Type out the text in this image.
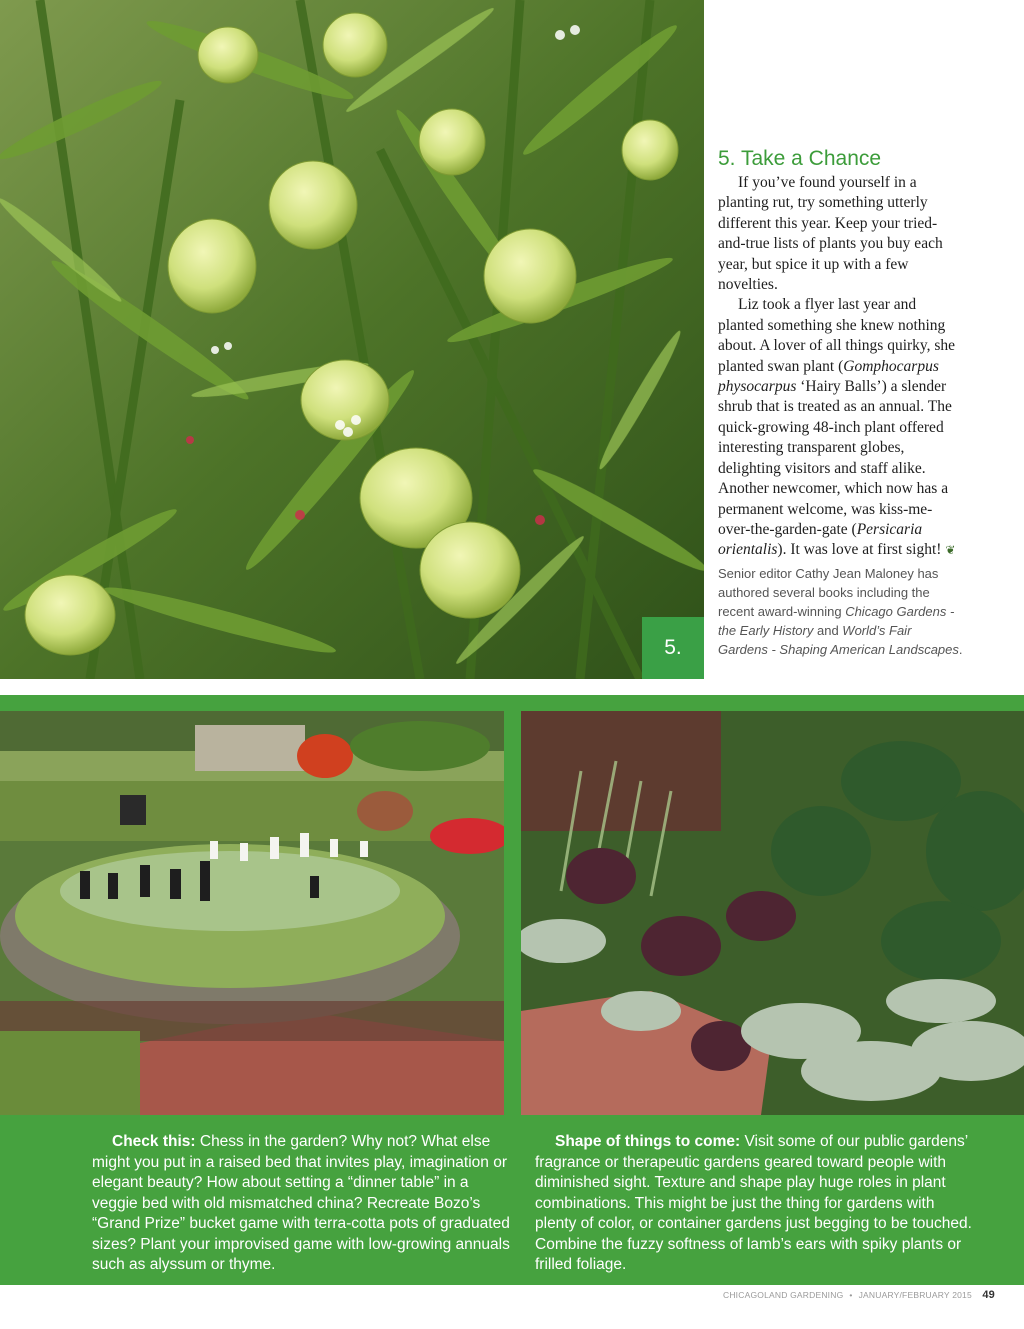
5.
5. Take a Chance

If you’ve found yourself in a planting rut, try something utterly different this year. Keep your tried-and-true lists of plants you buy each year, but spice it up with a few novelties.

Liz took a flyer last year and planted something she knew nothing about. A lover of all things quirky, she planted swan plant (Gomphocarpus physocarpus ‘Hairy Balls’) a slender shrub that is treated as an annual. The quick-growing 48-inch plant offered interesting transparent globes, delighting visitors and staff alike. Another newcomer, which now has a permanent welcome, was kiss-me-over-the-garden-gate (Persicaria orientalis). It was love at first sight! ❦

Senior editor Cathy Jean Maloney has authored several books including the recent award-winning Chicago Gardens - the Early History and World’s Fair Gardens - Shaping American Landscapes.

Check this: Chess in the garden? Why not? What else might you put in a raised bed that invites play, imagination or elegant beauty? How about setting a “dinner table” in a veggie bed with old mismatched china? Recreate Bozo’s “Grand Prize” bucket game with terra-cotta pots of graduated sizes? Plant your improvised game with low-growing annuals such as alyssum or thyme.
Shape of things to come: Visit some of our public gardens’ fragrance or therapeutic gardens geared toward people with diminished sight. Texture and shape play huge roles in plant combinations. This might be just the thing for gardens with plenty of color, or container gardens just begging to be touched. Combine the fuzzy softness of lamb’s ears with spiky plants or frilled foliage.
CHICAGOLAND GARDENING • JANUARY/FEBRUARY 2015 49
